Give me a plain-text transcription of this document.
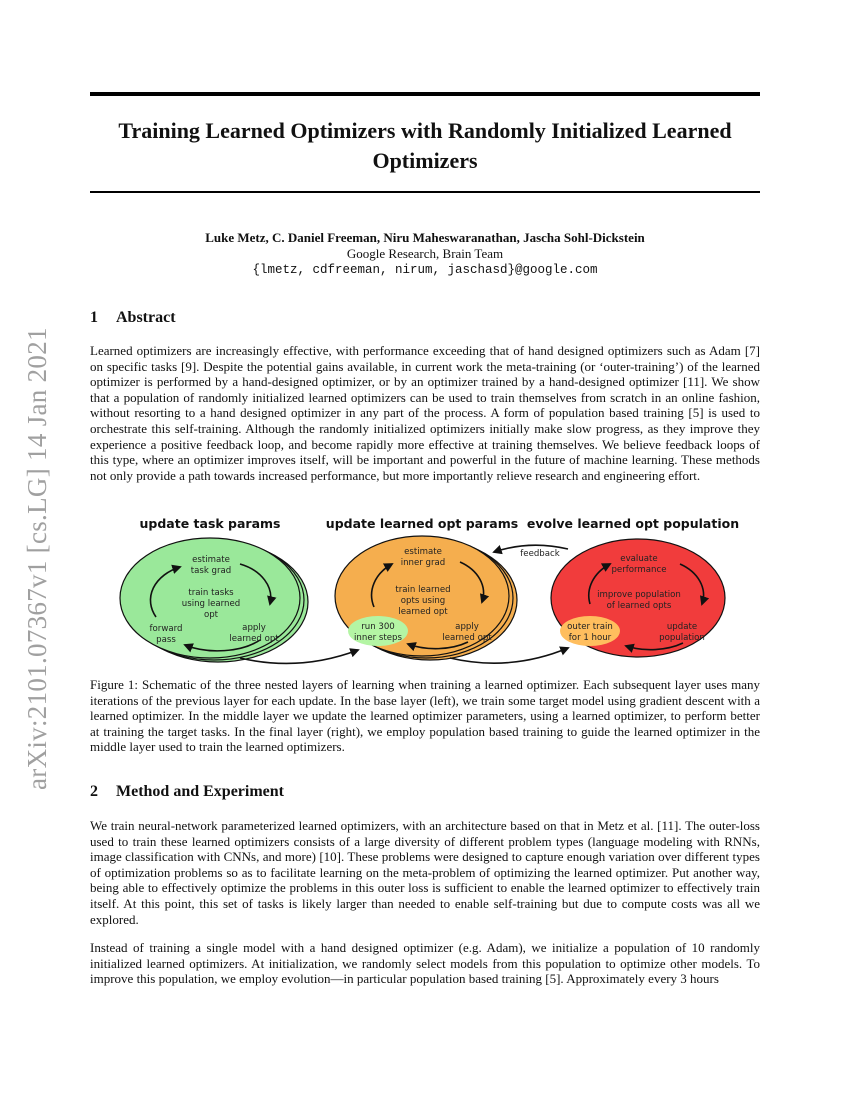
Training Learned Optimizers with Randomly Initialized Learned Optimizers
Luke Metz, C. Daniel Freeman, Niru Maheswaranathan, Jascha Sohl-Dickstein
Google Research, Brain Team
{lmetz, cdfreeman, nirum, jaschasd}@google.com
arXiv:2101.07367v1 [cs.LG] 14 Jan 2021
1 Abstract

Learned optimizers are increasingly effective, with performance exceeding that of hand designed optimizers such as Adam [7] on specific tasks [9]. Despite the potential gains available, in current work the meta-training (or ‘outer-training’) of the learned optimizer is performed by a hand-designed optimizer, or by an optimizer trained by a hand-designed optimizer [11]. We show that a population of randomly initialized learned optimizers can be used to train themselves from scratch in an online fashion, without resorting to a hand designed optimizer in any part of the process. A form of population based training [5] is used to orchestrate this self-training. Although the randomly initialized optimizers initially make slow progress, as they improve they experience a positive feedback loop, and become rapidly more effective at training themselves. We believe feedback loops of this type, where an optimizer improves itself, will be important and powerful in the future of machine learning. These methods not only provide a path towards increased performance, but more importantly relieve research and engineering effort.

update task params	update learned opt params evolve learned opt population
estimate
task grad
train tasks
using learned
opt
forward
pass
apply
learned opt
estimate
inner grad
train learned
opts using
learned opt
run 300
inner steps
apply
learned opt
evaluate
performance
improve population
of learned opts
outer train
for 1 hour
update
population
feedback

Figure 1: Schematic of the three nested layers of learning when training a learned optimizer. Each subsequent layer uses many iterations of the previous layer for each update. In the base layer (left), we train some target model using gradient descent with a learned optimizer. In the middle layer we update the learned optimizer parameters, using a learned optimizer, to perform better at training the target tasks. In the final layer (right), we employ population based training to guide the learned optimizer in the middle layer used to train the learned optimizers.

2 Method and Experiment

We train neural-network parameterized learned optimizers, with an architecture based on that in Metz et al. [11]. The outer-loss used to train these learned optimizers consists of a large diversity of different problem types (language modeling with RNNs, image classification with CNNs, and more) [10]. These problems were designed to capture enough variation over different types of optimization problems so as to facilitate learning on the meta-problem of optimizing the learned optimizer. Put another way, being able to effectively optimize the problems in this outer loss is sufficient to enable the learned optimizer to effectively train itself. At this point, this set of tasks is likely larger than needed to enable self-training but due to compute costs was all we explored.

Instead of training a single model with a hand designed optimizer (e.g. Adam), we initialize a population of 10 randomly initialized learned optimizers. At initialization, we randomly select models from this population to optimize other models. To improve this population, we employ evolution—in particular population based training [5]. Approximately every 3 hours
